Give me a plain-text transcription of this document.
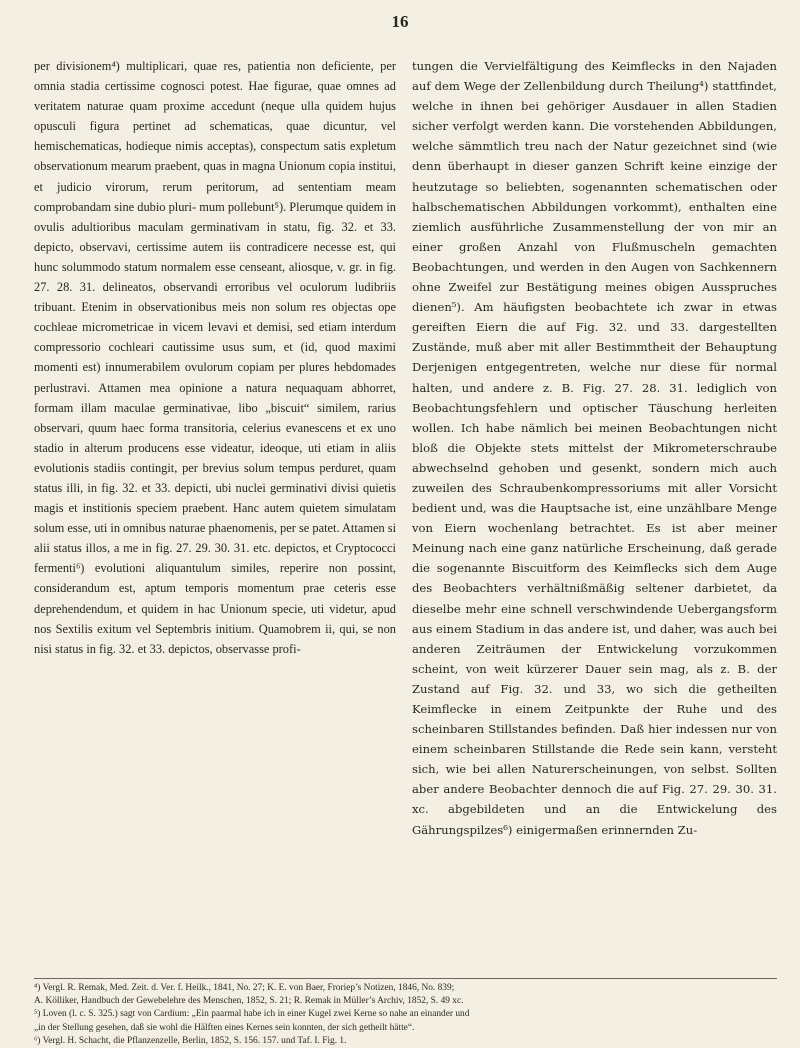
16

per divisionem⁴) multiplicari, quae res, patientia non deficiente, per omnia stadia certissime cognosci potest. Hae figurae, quae omnes ad veritatem naturae quam proxime accedunt (neque ulla quidem hujus opusculi figura pertinet ad schematicas, quae dicuntur, vel hemischematicas, hodieque nimis acceptas), conspectum satis expletum observationum mearum praebent, quas in magna Unionum copia institui, et judicio virorum, rerum peritorum, ad sententiam meam comprobandam sine dubio pluri- mum pollebunt⁵). Plerumque quidem in ovulis adultioribus maculam germinativam in statu, fig. 32. et 33. depicto, observavi, certissime autem iis contradicere necesse est, qui hunc solummodo statum normalem esse censeant, aliosque, v. gr. in fig. 27. 28. 31. delineatos, observandi erroribus vel oculorum ludibriis tribuant. Etenim in observationibus meis non solum res objectas ope cochleae micrometricae in vicem levavi et demisi, sed etiam interdum compressorio cochleari cautissime usus sum, et (id, quod maximi momenti est) innumerabilem ovulorum copiam per plures hebdomades perlustravi. Attamen mea opinione a natura nequaquam abhorret, formam illam maculae germinativae, libo „biscuit“ similem, rarius observari, quum haec forma transitoria, celerius evanescens et ex uno stadio in alterum producens esse videatur, ideoque, uti etiam in aliis evolutionis stadiis contingit, per brevius solum tempus perduret, quam status illi, in fig. 32. et 33. depicti, ubi nuclei germinativi divisi quietis magis et institionis speciem praebent. Hanc autem quietem simulatam solum esse, uti in omnibus naturae phaenomenis, per se patet. Attamen si alii status illos, a me in fig. 27. 29. 30. 31. etc. depictos, et Cryptococci fermenti⁶) evolutioni aliquantulum similes, reperire non possint, considerandum est, aptum temporis momentum prae ceteris esse deprehendendum, et quidem in hac Unionum specie, uti videtur, apud nos Sextilis exitum vel Septembris initium. Quamobrem ii, qui, se non nisi status in fig. 32. et 33. depictos, observasse profi-

tungen die Vervielfältigung des Keimflecks in den Najaden auf dem Wege der Zellenbildung durch Theilung⁴) stattfindet, welche in ihnen bei gehöriger Ausdauer in allen Stadien sicher verfolgt werden kann. Die vorstehenden Abbildungen, welche sämmtlich treu nach der Natur gezeichnet sind (wie denn überhaupt in dieser ganzen Schrift keine einzige der heutzutage so beliebten, sogenannten schematischen oder halbschematischen Abbildungen vorkommt), enthalten eine ziemlich ausführliche Zusammenstellung der von mir an einer großen Anzahl von Flußmuscheln gemachten Beobachtungen, und werden in den Augen von Sachkennern ohne Zweifel zur Bestätigung meines obigen Ausspruches dienen⁵). Am häufigsten beobachtete ich zwar in etwas gereiften Eiern die auf Fig. 32. und 33. dargestellten Zustände, muß aber mit aller Bestimmtheit der Behauptung Derjenigen entgegentreten, welche nur diese für normal halten, und andere z. B. Fig. 27. 28. 31. lediglich von Beobachtungsfehlern und optischer Täuschung herleiten wollen. Ich habe nämlich bei meinen Beobachtungen nicht bloß die Objekte stets mittelst der Mikrometerschraube abwechselnd gehoben und gesenkt, sondern mich auch zuweilen des Schraubenkompressoriums mit aller Vorsicht bedient und, was die Hauptsache ist, eine unzählbare Menge von Eiern wochenlang betrachtet. Es ist aber meiner Meinung nach eine ganz natürliche Erscheinung, daß gerade die sogenannte Biscuitform des Keimflecks sich dem Auge des Beobachters verhältnißmäßig seltener darbietet, da dieselbe mehr eine schnell verschwindende Uebergangsform aus einem Stadium in das andere ist, und daher, was auch bei anderen Zeiträumen der Entwickelung vorzukommen scheint, von weit kürzerer Dauer sein mag, als z. B. der Zustand auf Fig. 32. und 33, wo sich die getheilten Keimflecke in einem Zeitpunkte der Ruhe und des scheinbaren Stillstandes befinden. Daß hier indessen nur von einem scheinbaren Stillstande die Rede sein kann, versteht sich, wie bei allen Naturerscheinungen, von selbst. Sollten aber andere Beobachter dennoch die auf Fig. 27. 29. 30. 31. xc. abgebildeten und an die Entwickelung des Gährungspilzes⁶) einigermaßen erinnernden Zu-

⁴) Vergl. R. Remak, Med. Zeit. d. Ver. f. Heilk., 1841, No. 27; K. E. von Baer, Froriep’s Notizen, 1846, No. 839;
A. Kölliker, Handbuch der Gewebelehre des Menschen, 1852, S. 21; R. Remak in Müller’s Archiv, 1852, S. 49 xc.
⁵) Loven (l. c. S. 325.) sagt von Cardium: „Ein paarmal habe ich in einer Kugel zwei Kerne so nahe an einander und
„in der Stellung gesehen, daß sie wohl die Hälften eines Kernes sein konnten, der sich getheilt hätte“.
⁶) Vergl. H. Schacht, die Pflanzenzelle, Berlin, 1852, S. 156. 157. und Taf. I. Fig. 1.
